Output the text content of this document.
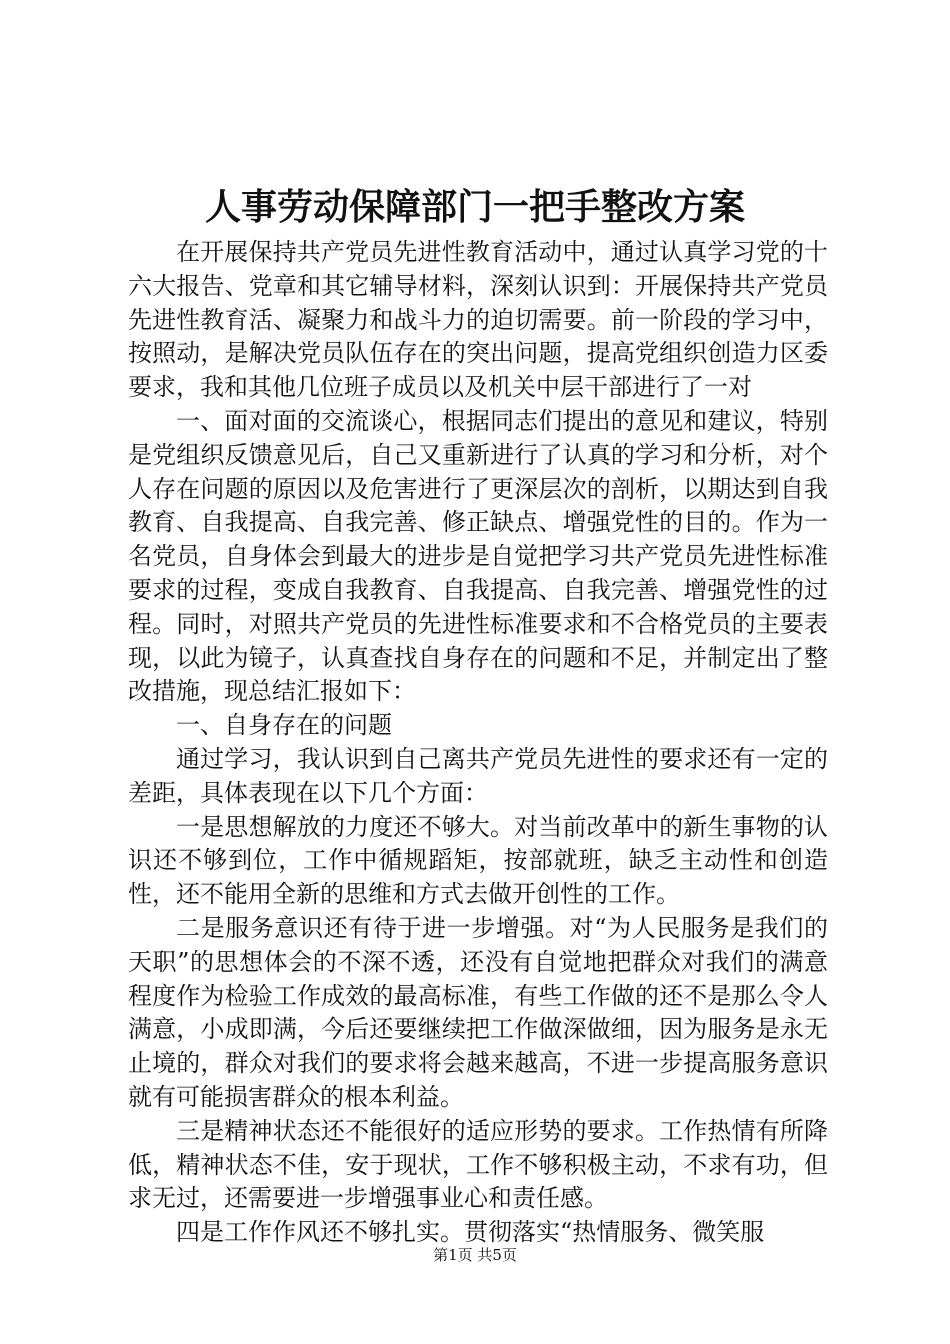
人事劳动保障部门一把手整改方案

在开展保持共产党员先进性教育活动中，通过认真学习党的十六大报告、党章和其它辅导材料，深刻认识到：开展保持共产党员先进性教育活、凝聚力和战斗力的迫切需要。前一阶段的学习中，按照动，是解决党员队伍存在的突出问题，提高党组织创造力区委要求，我和其他几位班子成员以及机关中层干部进行了一对

一、面对面的交流谈心，根据同志们提出的意见和建议，特别是党组织反馈意见后，自己又重新进行了认真的学习和分析，对个人存在问题的原因以及危害进行了更深层次的剖析，以期达到自我教育、自我提高、自我完善、修正缺点、增强党性的目的。作为一名党员，自身体会到最大的进步是自觉把学习共产党员先进性标准要求的过程，变成自我教育、自我提高、自我完善、增强党性的过程。同时，对照共产党员的先进性标准要求和不合格党员的主要表现，以此为镜子，认真查找自身存在的问题和不足，并制定出了整改措施，现总结汇报如下：

一、自身存在的问题

通过学习，我认识到自己离共产党员先进性的要求还有一定的差距，具体表现在以下几个方面：

一是思想解放的力度还不够大。对当前改革中的新生事物的认识还不够到位，工作中循规蹈矩，按部就班，缺乏主动性和创造性，还不能用全新的思维和方式去做开创性的工作。

二是服务意识还有待于进一步增强。对“为人民服务是我们的天职”的思想体会的不深不透，还没有自觉地把群众对我们的满意程度作为检验工作成效的最高标准，有些工作做的还不是那么令人满意，小成即满，今后还要继续把工作做深做细，因为服务是永无止境的，群众对我们的要求将会越来越高，不进一步提高服务意识就有可能损害群众的根本利益。

三是精神状态还不能很好的适应形势的要求。工作热情有所降低，精神状态不佳，安于现状，工作不够积极主动，不求有功，但求无过，还需要进一步增强事业心和责任感。

四是工作作风还不够扎实。贯彻落实“热情服务、微笑服

第1页 共5页
